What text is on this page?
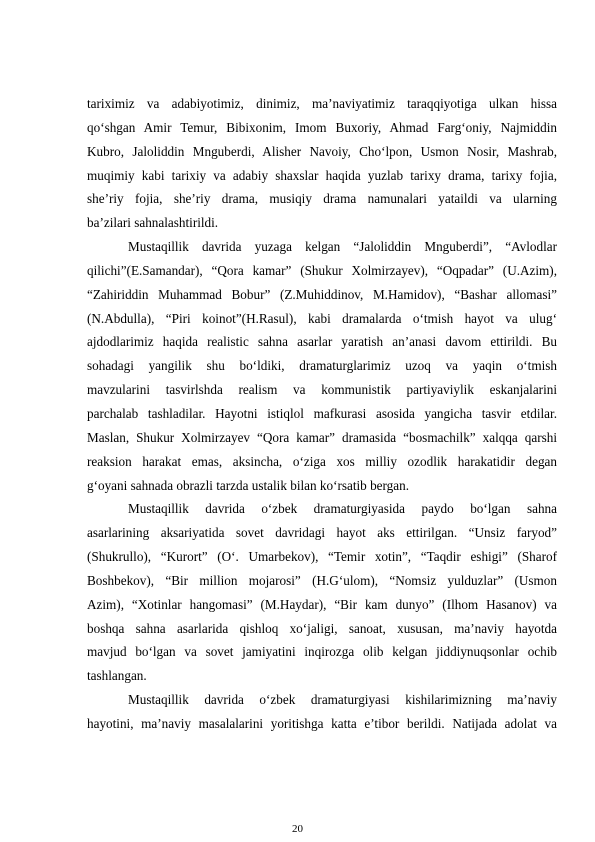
tariximiz va adabiyotimiz, dinimiz, ma’naviyatimiz taraqqiyotiga ulkan hissa
qo‘shgan Amir Temur, Bibixonim, Imom Buxoriy, Ahmad Farg‘oniy, Najmiddin
Kubro, Jaloliddin Mnguberdi, Alisher Navoiy, Cho‘lpon, Usmon Nosir, Mashrab,
muqimiy kabi tarixiy va adabiy shaxslar haqida yuzlab tarixy drama, tarixy fojia,
she’riy fojia, she’riy drama, musiqiy drama namunalari yataildi va ularning
ba’zilari sahnalashtirildi.
Mustaqillik davrida yuzaga kelgan “Jaloliddin Mnguberdi”, “Avlodlar
qilichi”(E.Samandar), “Qora kamar” (Shukur Xolmirzayev), “Oqpadar” (U.Azim),
“Zahiriddin Muhammad Bobur” (Z.Muhiddinov, M.Hamidov), “Bashar allomasi”
(N.Abdulla), “Piri koinot”(H.Rasul), kabi dramalarda o‘tmish hayot va ulug‘
ajdodlarimiz haqida realistic sahna asarlar yaratish an’anasi davom ettirildi. Bu
sohadagi yangilik shu bo‘ldiki, dramaturglarimiz uzoq va yaqin o‘tmish
mavzularini tasvirlshda realism va kommunistik partiyaviylik eskanjalarini
parchalab tashladilar. Hayotni istiqlol mafkurasi asosida yangicha tasvir etdilar.
Maslan, Shukur Xolmirzayev “Qora kamar” dramasida “bosmachilk” xalqqa qarshi
reaksion harakat emas, aksincha, o‘ziga xos milliy ozodlik harakatidir degan
g‘oyani sahnada obrazli tarzda ustalik bilan ko‘rsatib bergan.
Mustaqillik davrida o‘zbek dramaturgiyasida paydo bo‘lgan sahna
asarlarining aksariyatida sovet davridagi hayot aks ettirilgan. “Unsiz faryod”
(Shukrullo), “Kurort” (O‘. Umarbekov), “Temir xotin”, “Taqdir eshigi” (Sharof
Boshbekov), “Bir million mojarosi” (H.G‘ulom), “Nomsiz yulduzlar” (Usmon
Azim), “Xotinlar hangomasi” (M.Haydar), “Bir kam dunyo” (Ilhom Hasanov) va
boshqa sahna asarlarida qishloq xo‘jaligi, sanoat, xususan, ma’naviy hayotda
mavjud bo‘lgan va sovet jamiyatini inqirozga olib kelgan jiddiynuqsonlar ochib
tashlangan.
Mustaqillik davrida o‘zbek dramaturgiyasi kishilarimizning ma’naviy
hayotini, ma’naviy masalalarini yoritishga katta e’tibor berildi. Natijada adolat va
20
